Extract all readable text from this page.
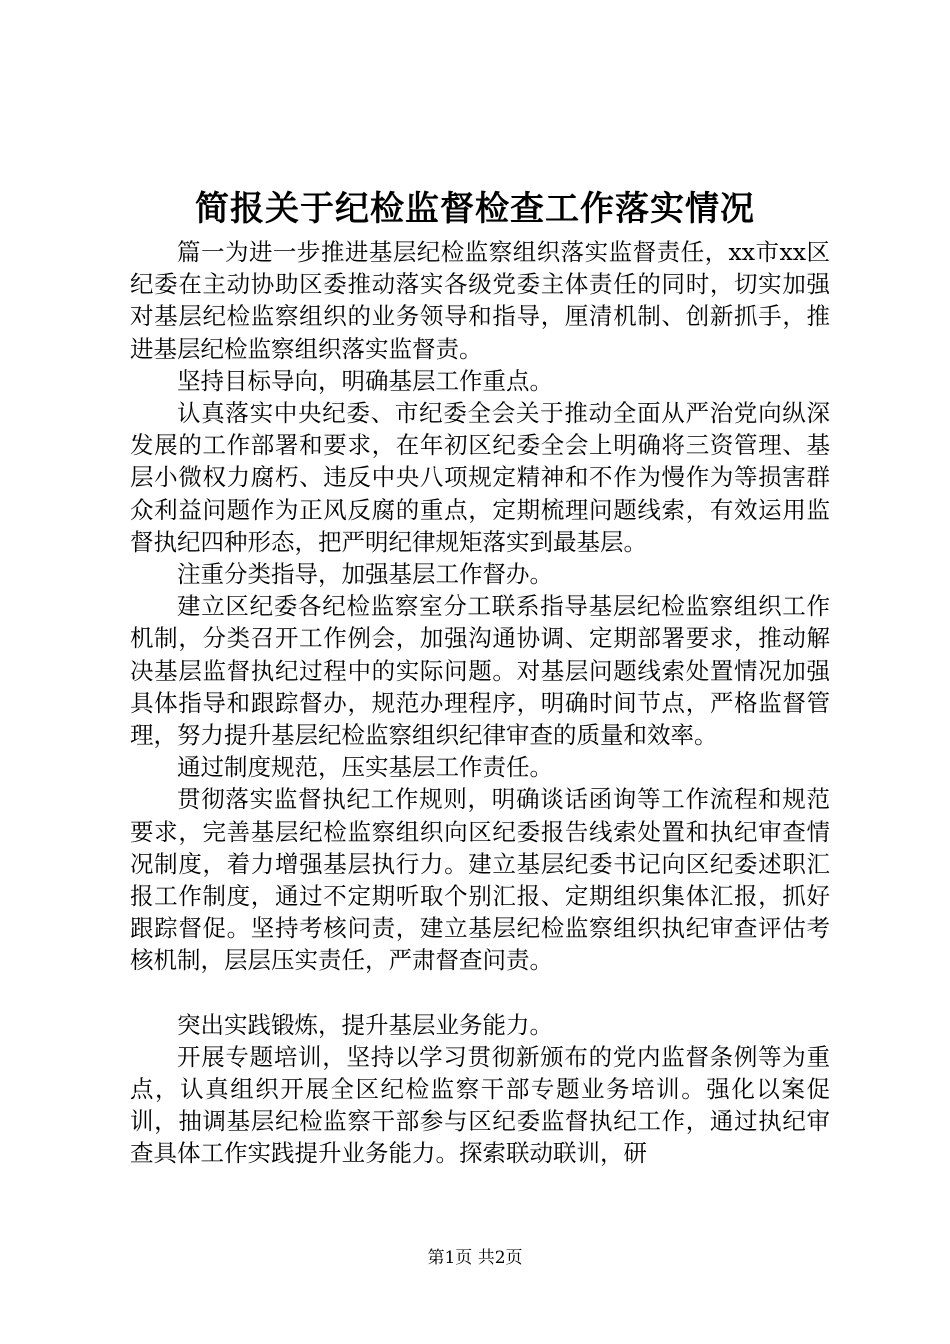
简报关于纪检监督检查工作落实情况

篇一为进一步推进基层纪检监察组织落实监督责任，xx市xx区纪委在主动协助区委推动落实各级党委主体责任的同时，切实加强对基层纪检监察组织的业务领导和指导，厘清机制、创新抓手，推进基层纪检监察组织落实监督责。

坚持目标导向，明确基层工作重点。

认真落实中央纪委、市纪委全会关于推动全面从严治党向纵深发展的工作部署和要求，在年初区纪委全会上明确将三资管理、基层小微权力腐朽、违反中央八项规定精神和不作为慢作为等损害群众利益问题作为正风反腐的重点，定期梳理问题线索，有效运用监督执纪四种形态，把严明纪律规矩落实到最基层。

注重分类指导，加强基层工作督办。

建立区纪委各纪检监察室分工联系指导基层纪检监察组织工作机制，分类召开工作例会，加强沟通协调、定期部署要求，推动解决基层监督执纪过程中的实际问题。对基层问题线索处置情况加强具体指导和跟踪督办，规范办理程序，明确时间节点，严格监督管理，努力提升基层纪检监察组织纪律审查的质量和效率。

通过制度规范，压实基层工作责任。

贯彻落实监督执纪工作规则，明确谈话函询等工作流程和规范要求，完善基层纪检监察组织向区纪委报告线索处置和执纪审查情况制度，着力增强基层执行力。建立基层纪委书记向区纪委述职汇报工作制度，通过不定期听取个别汇报、定期组织集体汇报，抓好跟踪督促。坚持考核问责，建立基层纪检监察组织执纪审查评估考核机制，层层压实责任，严肃督查问责。

突出实践锻炼，提升基层业务能力。

开展专题培训，坚持以学习贯彻新颁布的党内监督条例等为重点，认真组织开展全区纪检监察干部专题业务培训。强化以案促训，抽调基层纪检监察干部参与区纪委监督执纪工作，通过执纪审查具体工作实践提升业务能力。探索联动联训，研

第1页 共2页
